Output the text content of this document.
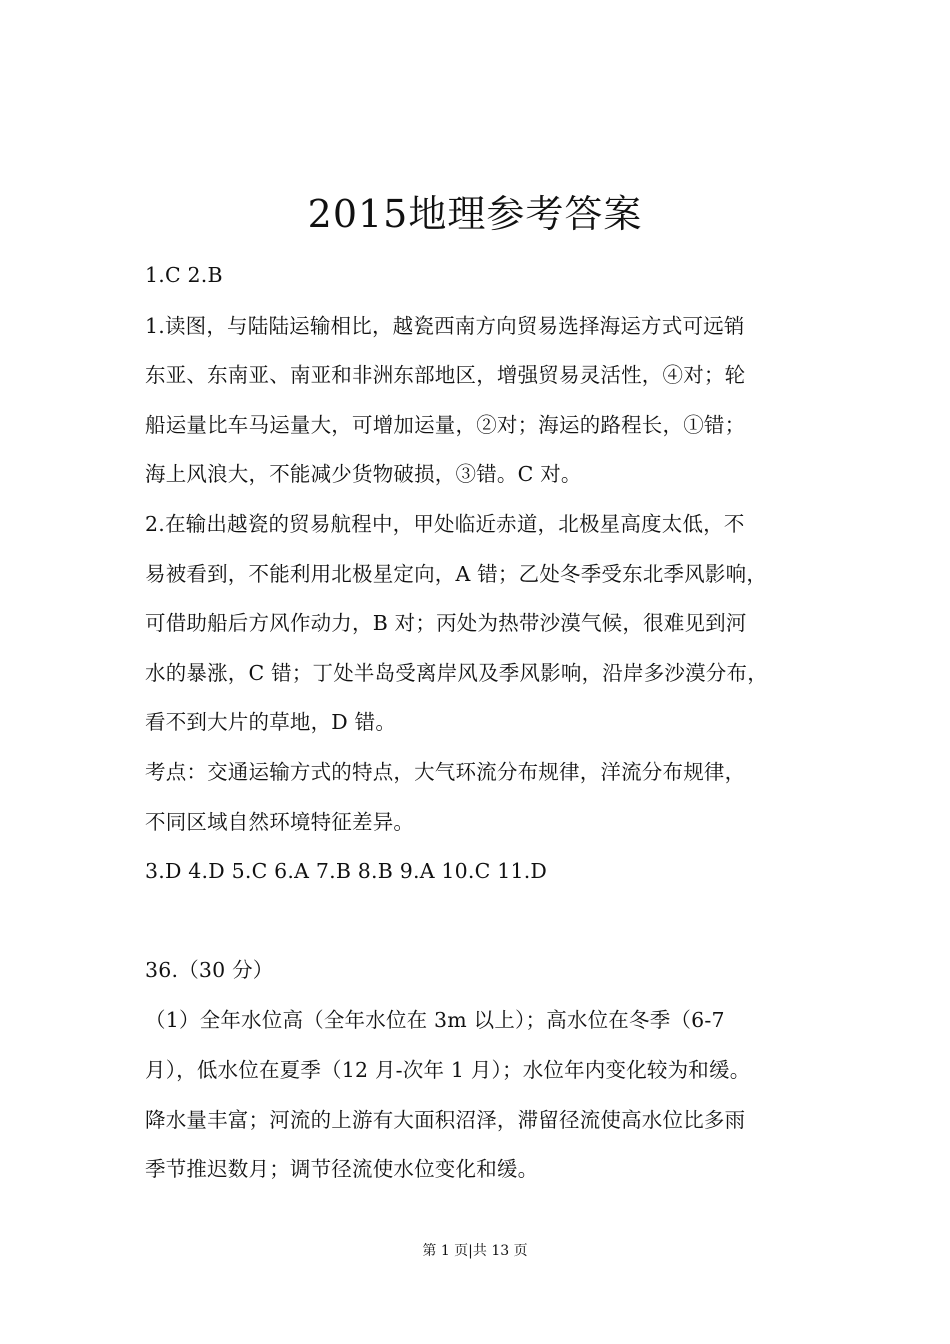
2015地理参考答案
1.C 2.B
1.读图，与陆陆运输相比，越瓷西南方向贸易选择海运方式可远销
东亚、东南亚、南亚和非洲东部地区，增强贸易灵活性，④对；轮
船运量比车马运量大，可增加运量，②对；海运的路程长，①错；
海上风浪大，不能减少货物破损，③错。C 对。
2.在输出越瓷的贸易航程中，甲处临近赤道，北极星高度太低，不
易被看到，不能利用北极星定向，A 错；乙处冬季受东北季风影响，
可借助船后方风作动力，B 对；丙处为热带沙漠气候，很难见到河
水的暴涨，C 错；丁处半岛受离岸风及季风影响，沿岸多沙漠分布，
看不到大片的草地，D 错。
考点：交通运输方式的特点，大气环流分布规律，洋流分布规律，
不同区域自然环境特征差异。
3.D 4.D 5.C 6.A 7.B 8.B 9.A 10.C 11.D
36.（30 分）
（1）全年水位高（全年水位在 3m 以上）；高水位在冬季（6-7
月），低水位在夏季（12 月-次年 1 月）；水位年内变化较为和缓。
降水量丰富；河流的上游有大面积沼泽，滞留径流使高水位比多雨
季节推迟数月；调节径流使水位变化和缓。
第 1 页|共 13 页
